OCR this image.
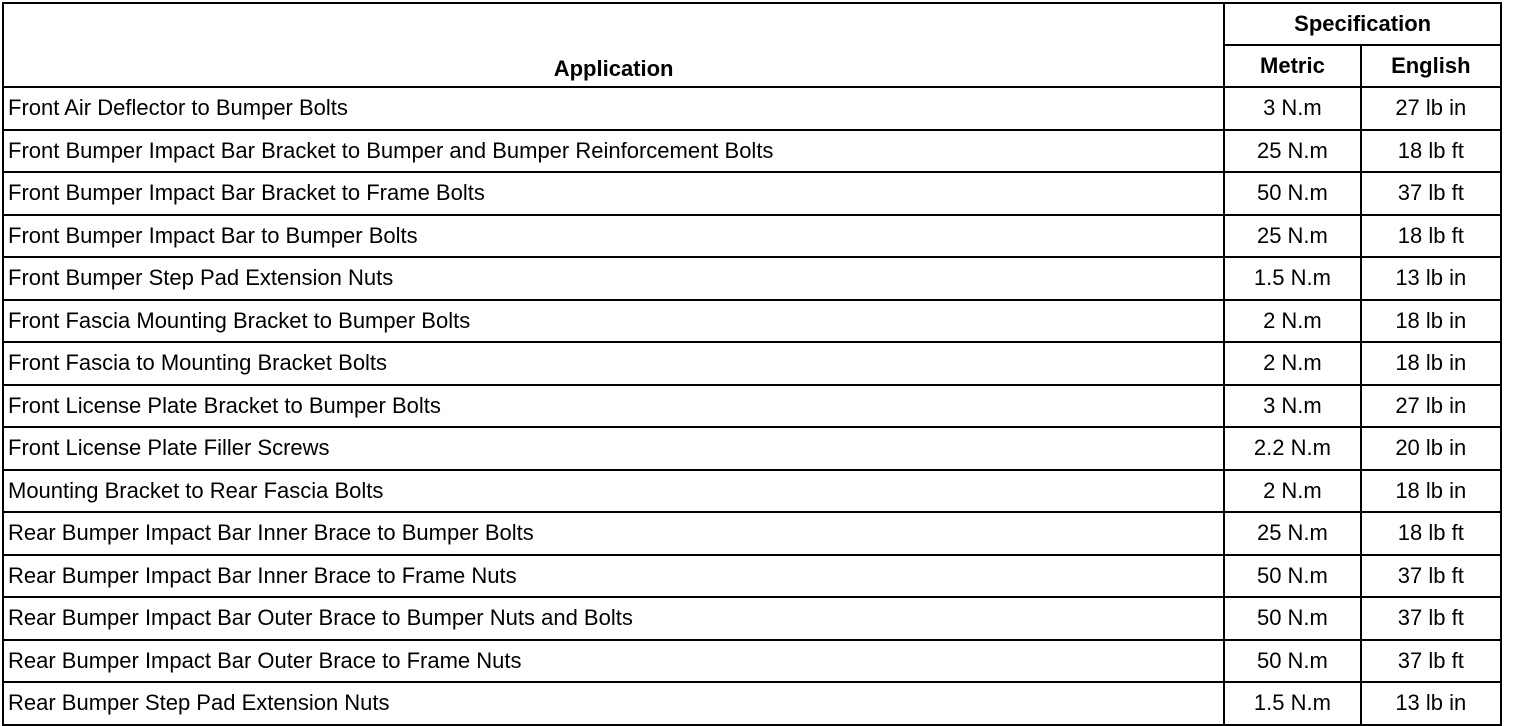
Application	Specification	
	Metric	English
Front Air Deflector to Bumper Bolts	3 N.m	27 lb in
Front Bumper Impact Bar Bracket to Bumper and Bumper Reinforcement Bolts	25 N.m	18 lb ft
Front Bumper Impact Bar Bracket to Frame Bolts	50 N.m	37 lb ft
Front Bumper Impact Bar to Bumper Bolts	25 N.m	18 lb ft
Front Bumper Step Pad Extension Nuts	1.5 N.m	13 lb in
Front Fascia Mounting Bracket to Bumper Bolts	2 N.m	18 lb in
Front Fascia to Mounting Bracket Bolts	2 N.m	18 lb in
Front License Plate Bracket to Bumper Bolts	3 N.m	27 lb in
Front License Plate Filler Screws	2.2 N.m	20 lb in
Mounting Bracket to Rear Fascia Bolts	2 N.m	18 lb in
Rear Bumper Impact Bar Inner Brace to Bumper Bolts	25 N.m	18 lb ft
Rear Bumper Impact Bar Inner Brace to Frame Nuts	50 N.m	37 lb ft
Rear Bumper Impact Bar Outer Brace to Bumper Nuts and Bolts	50 N.m	37 lb ft
Rear Bumper Impact Bar Outer Brace to Frame Nuts	50 N.m	37 lb ft
Rear Bumper Step Pad Extension Nuts	1.5 N.m	13 lb in
